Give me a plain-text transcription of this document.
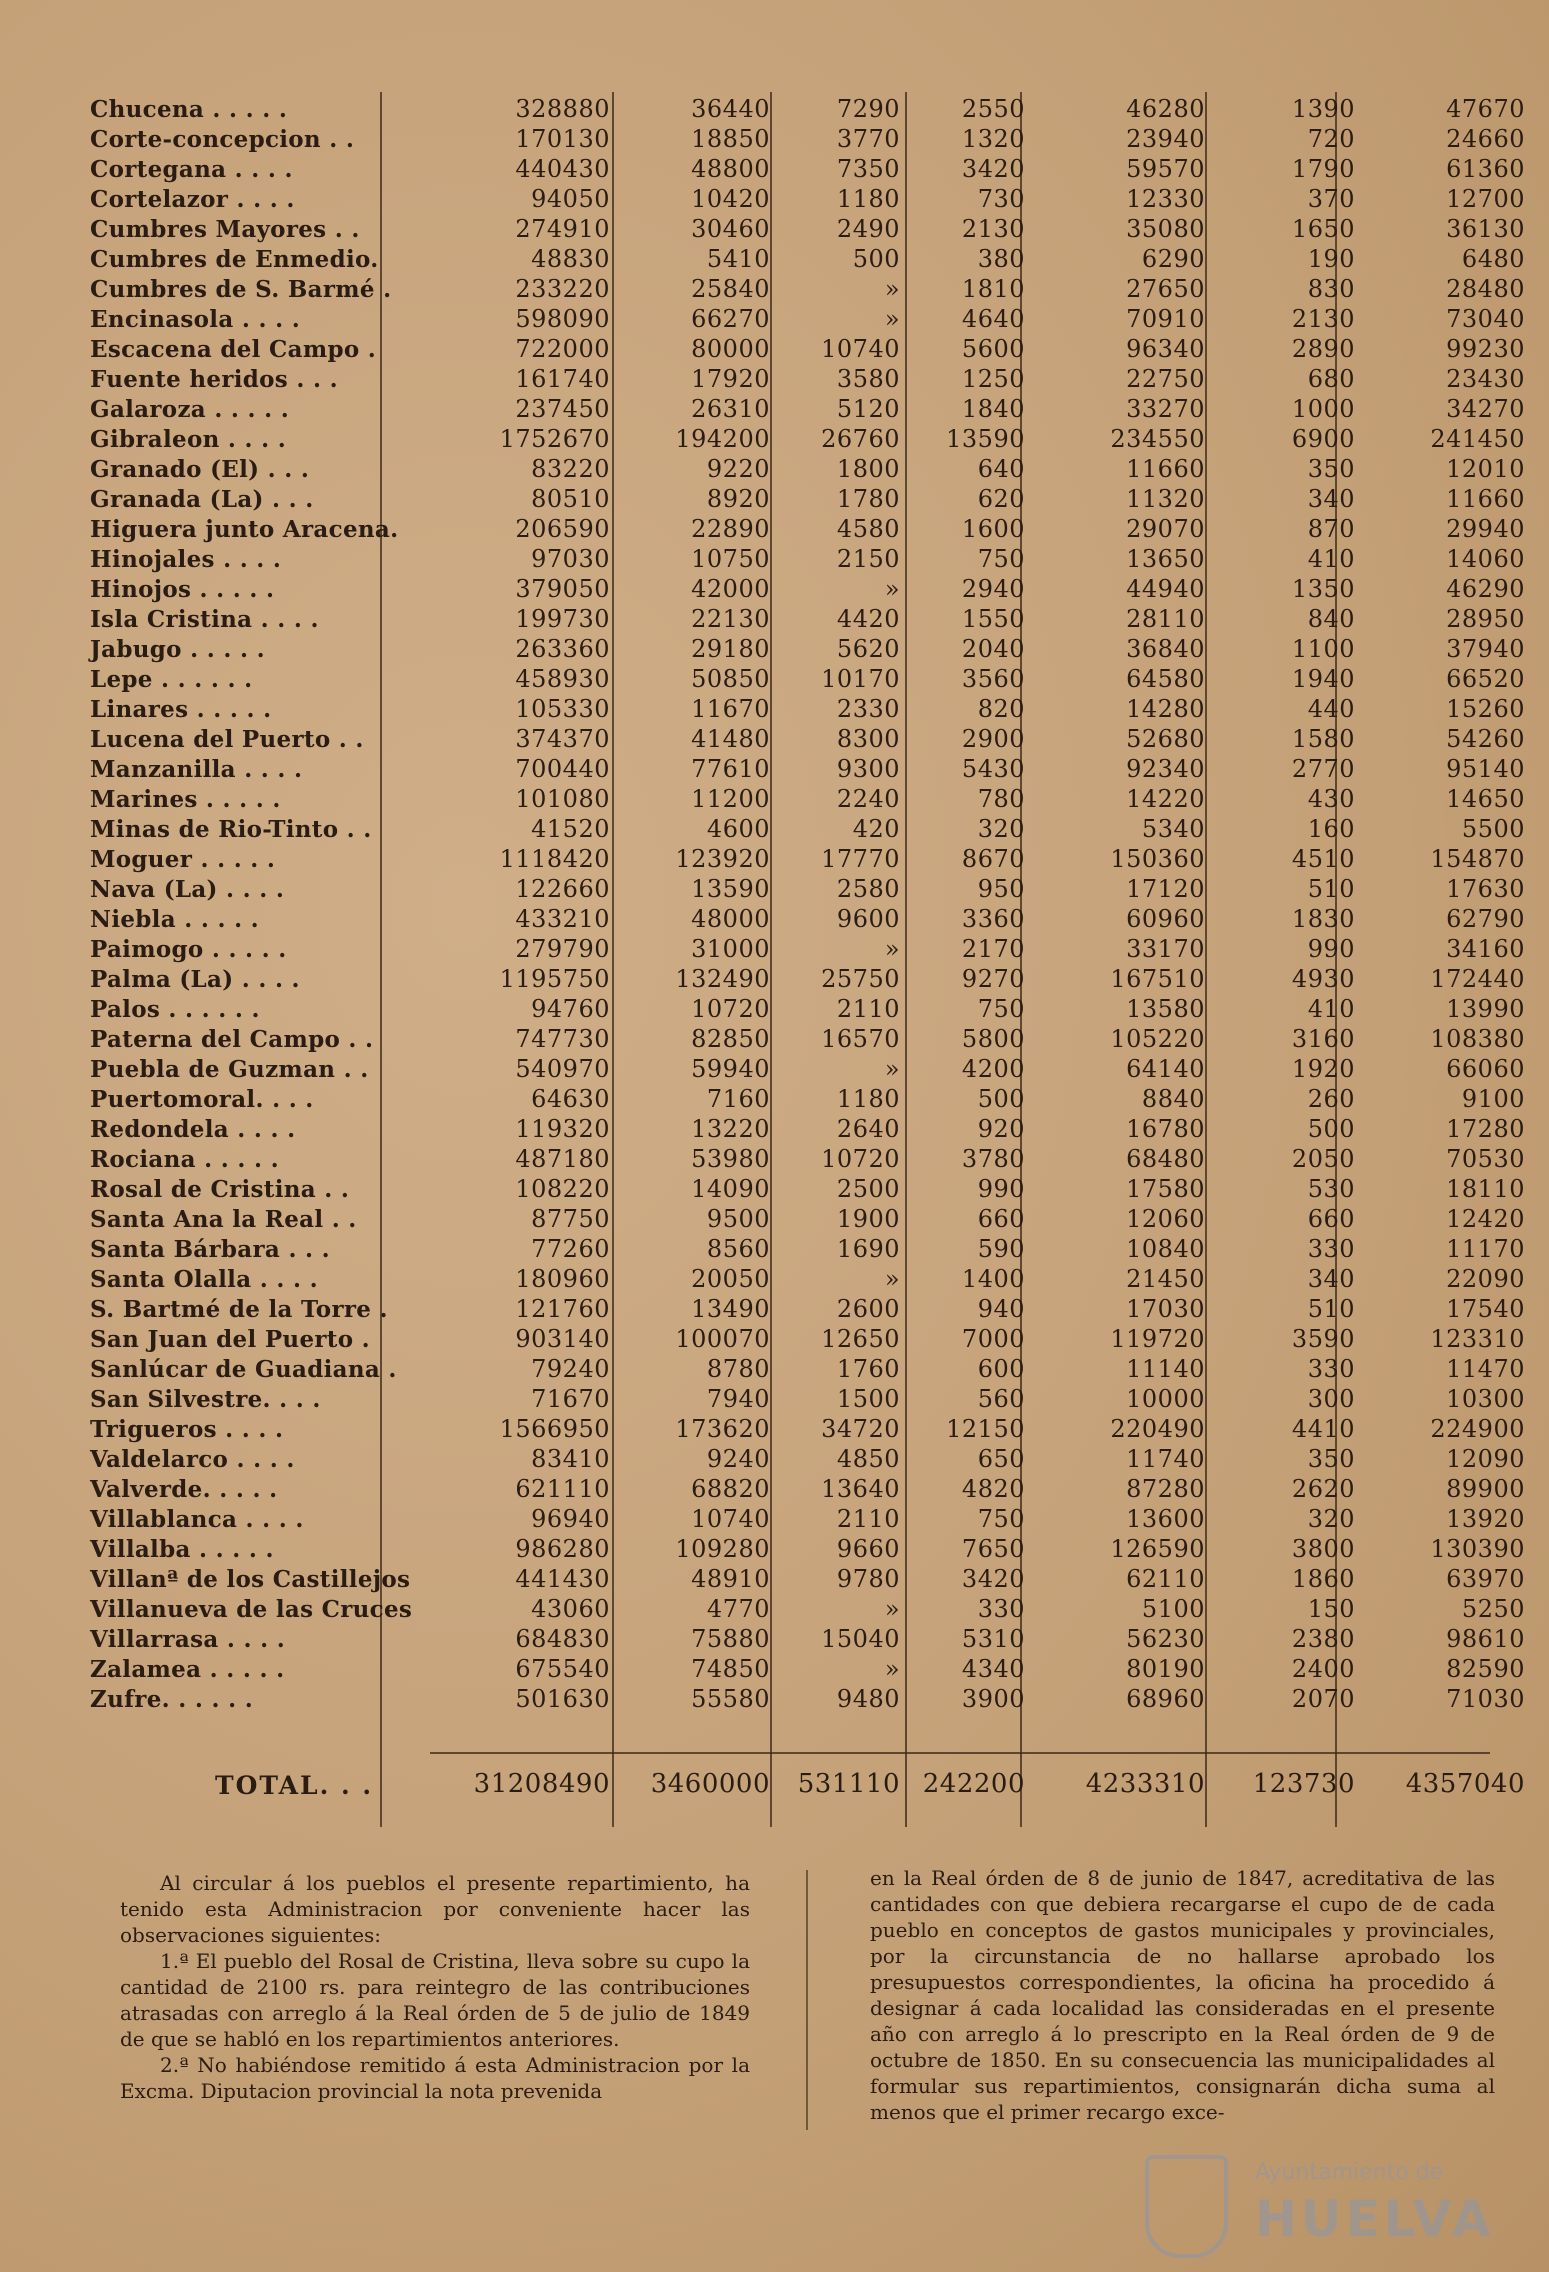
Chucena . . . . .	328880	36440	7290	2550	46280	1390	47670
Corte-concepcion . .	170130	18850	3770	1320	23940	720	24660
Cortegana . . . .	440430	48800	7350	3420	59570	1790	61360
Cortelazor . . . .	94050	10420	1180	730	12330	370	12700
Cumbres Mayores . .	274910	30460	2490	2130	35080	1650	36130
Cumbres de Enmedio.	48830	5410	500	380	6290	190	6480
Cumbres de S. Barmé .	233220	25840	»	1810	27650	830	28480
Encinasola . . . .	598090	66270	»	4640	70910	2130	73040
Escacena del Campo .	722000	80000	10740	5600	96340	2890	99230
Fuente heridos . . .	161740	17920	3580	1250	22750	680	23430
Galaroza . . . . .	237450	26310	5120	1840	33270	1000	34270
Gibraleon . . . .	1752670	194200	26760	13590	234550	6900	241450
Granado (El) . . .	83220	9220	1800	640	11660	350	12010
Granada (La) . . .	80510	8920	1780	620	11320	340	11660
Higuera junto Aracena.	206590	22890	4580	1600	29070	870	29940
Hinojales . . . .	97030	10750	2150	750	13650	410	14060
Hinojos . . . . .	379050	42000	»	2940	44940	1350	46290
Isla Cristina . . . .	199730	22130	4420	1550	28110	840	28950
Jabugo . . . . .	263360	29180	5620	2040	36840	1100	37940
Lepe . . . . . .	458930	50850	10170	3560	64580	1940	66520
Linares . . . . .	105330	11670	2330	820	14280	440	15260
Lucena del Puerto . .	374370	41480	8300	2900	52680	1580	54260
Manzanilla . . . .	700440	77610	9300	5430	92340	2770	95140
Marines . . . . .	101080	11200	2240	780	14220	430	14650
Minas de Rio-Tinto . .	41520	4600	420	320	5340	160	5500
Moguer . . . . .	1118420	123920	17770	8670	150360	4510	154870
Nava (La) . . . .	122660	13590	2580	950	17120	510	17630
Niebla . . . . .	433210	48000	9600	3360	60960	1830	62790
Paimogo . . . . .	279790	31000	»	2170	33170	990	34160
Palma (La) . . . .	1195750	132490	25750	9270	167510	4930	172440
Palos . . . . . .	94760	10720	2110	750	13580	410	13990
Paterna del Campo . .	747730	82850	16570	5800	105220	3160	108380
Puebla de Guzman . .	540970	59940	»	4200	64140	1920	66060
Puertomoral. . . .	64630	7160	1180	500	8840	260	9100
Redondela . . . .	119320	13220	2640	920	16780	500	17280
Rociana . . . . .	487180	53980	10720	3780	68480	2050	70530
Rosal de Cristina . .	108220	14090	2500	990	17580	530	18110
Santa Ana la Real . .	87750	9500	1900	660	12060	660	12420
Santa Bárbara . . .	77260	8560	1690	590	10840	330	11170
Santa Olalla . . . .	180960	20050	»	1400	21450	340	22090
S. Bartmé de la Torre .	121760	13490	2600	940	17030	510	17540
San Juan del Puerto .	903140	100070	12650	7000	119720	3590	123310
Sanlúcar de Guadiana .	79240	8780	1760	600	11140	330	11470
San Silvestre. . . .	71670	7940	1500	560	10000	300	10300
Trigueros . . . .	1566950	173620	34720	12150	220490	4410	224900
Valdelarco . . . .	83410	9240	4850	650	11740	350	12090
Valverde. . . . .	621110	68820	13640	4820	87280	2620	89900
Villablanca . . . .	96940	10740	2110	750	13600	320	13920
Villalba . . . . .	986280	109280	9660	7650	126590	3800	130390
Villanª de los Castillejos	441430	48910	9780	3420	62110	1860	63970
Villanueva de las Cruces	43060	4770	»	330	5100	150	5250
Villarrasa . . . .	684830	75880	15040	5310	56230	2380	98610
Zalamea . . . . .	675540	74850	»	4340	80190	2400	82590
Zufre. . . . . .	501630	55580	9480	3900	68960	2070	71030
TOTAL. . .	31208490	3460000	531110 242200	4233310	123730	4357040

Al circular á los pueblos el presente repartimiento, ha tenido esta Administracion por conveniente hacer las observaciones siguientes:

1.ª El pueblo del Rosal de Cristina, lleva sobre su cupo la cantidad de 2100 rs. para reintegro de las contribuciones atrasadas con arreglo á la Real órden de 5 de julio de 1849 de que se habló en los repartimientos anteriores.

2.ª No habiéndose remitido á esta Administracion por la Excma. Diputacion provincial la nota prevenida

en la Real órden de 8 de junio de 1847, acreditativa de las cantidades con que debiera recargarse el cupo de de cada pueblo en conceptos de gastos municipales y provinciales, por la circunstancia de no hallarse aprobado los presupuestos correspondientes, la oficina ha procedido á designar á cada localidad las consideradas en el presente año con arreglo á lo prescripto en la Real órden de 9 de octubre de 1850. En su consecuencia las municipalidades al formular sus repartimientos, consignarán dicha suma al menos que el primer recargo exce-

Ayuntamiento de
HUELVA
